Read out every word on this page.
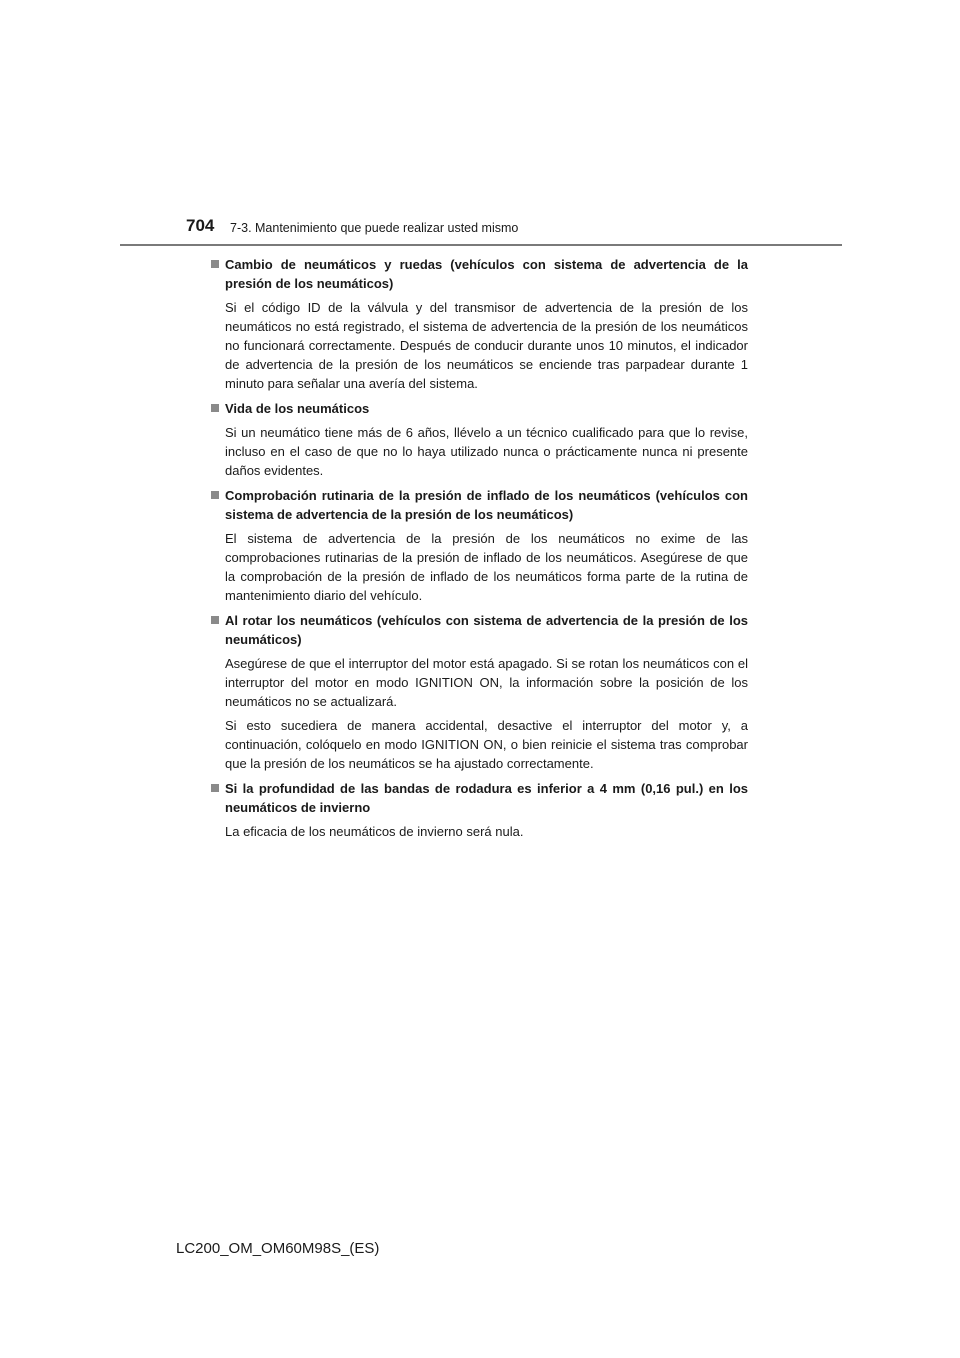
704 7-3. Mantenimiento que puede realizar usted mismo
Cambio de neumáticos y ruedas (vehículos con sistema de advertencia de la presión de los neumáticos)

Si el código ID de la válvula y del transmisor de advertencia de la presión de los neumáticos no está registrado, el sistema de advertencia de la presión de los neumáticos no funcionará correctamente. Después de conducir durante unos 10 minutos, el indicador de advertencia de la presión de los neumáticos se enciende tras parpadear durante 1 minuto para señalar una avería del sistema.

Vida de los neumáticos

Si un neumático tiene más de 6 años, llévelo a un técnico cualificado para que lo revise, incluso en el caso de que no lo haya utilizado nunca o prácticamente nunca ni presente daños evidentes.

Comprobación rutinaria de la presión de inflado de los neumáticos (vehículos con sistema de advertencia de la presión de los neumáticos)

El sistema de advertencia de la presión de los neumáticos no exime de las comprobaciones rutinarias de la presión de inflado de los neumáticos. Asegúrese de que la comprobación de la presión de inflado de los neumáticos forma parte de la rutina de mantenimiento diario del vehículo.

Al rotar los neumáticos (vehículos con sistema de advertencia de la presión de los neumáticos)

Asegúrese de que el interruptor del motor está apagado. Si se rotan los neumáticos con el interruptor del motor en modo IGNITION ON, la información sobre la posición de los neumáticos no se actualizará.

Si esto sucediera de manera accidental, desactive el interruptor del motor y, a continuación, colóquelo en modo IGNITION ON, o bien reinicie el sistema tras comprobar que la presión de los neumáticos se ha ajustado correctamente.

Si la profundidad de las bandas de rodadura es inferior a 4 mm (0,16 pul.) en los neumáticos de invierno

La eficacia de los neumáticos de invierno será nula.

LC200_OM_OM60M98S_(ES)
